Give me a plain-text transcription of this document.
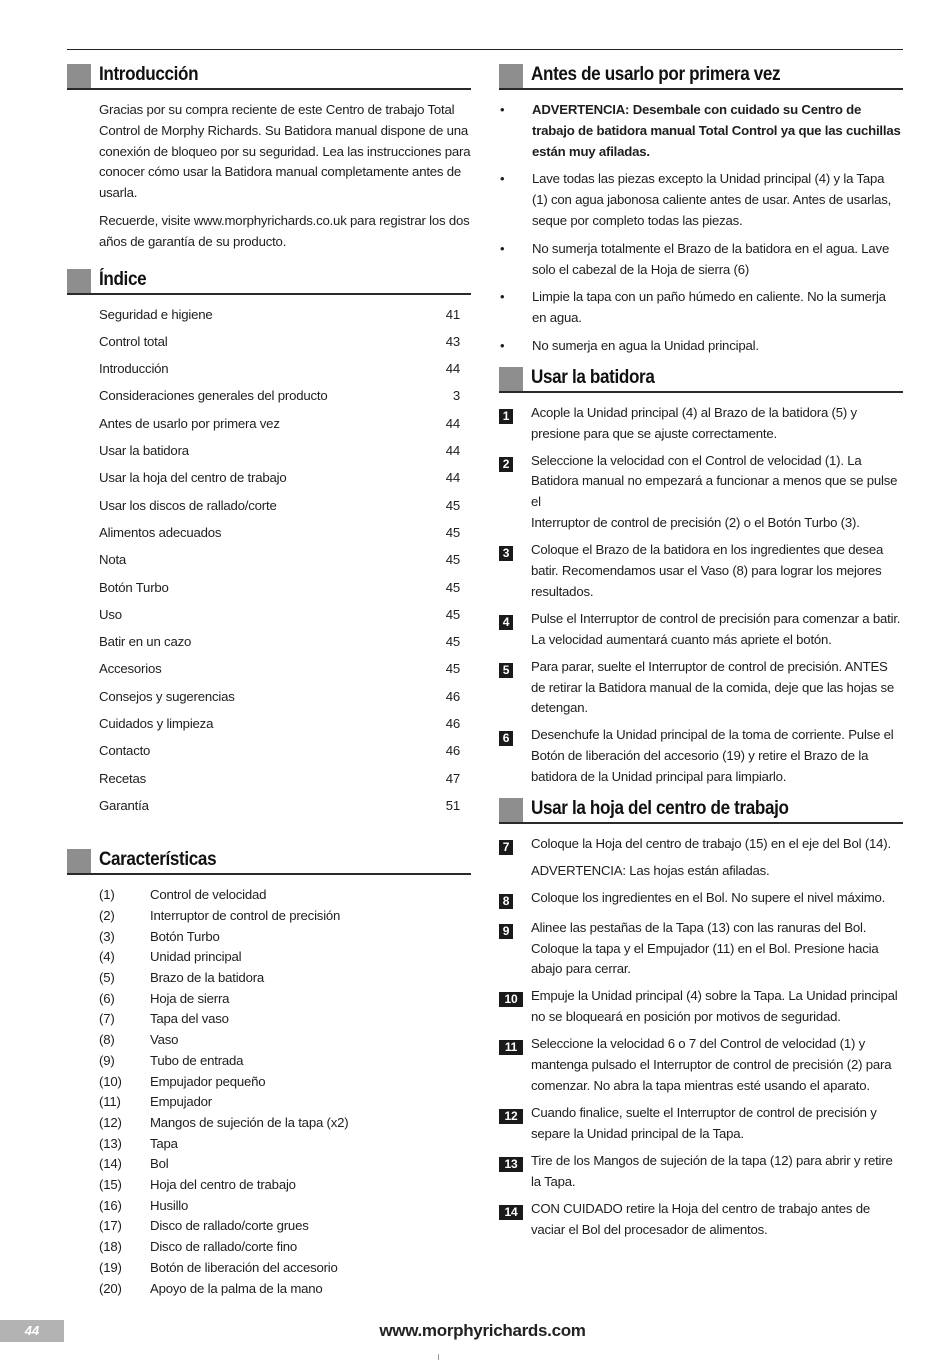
Introducción

Gracias por su compra reciente de este Centro de trabajo Total Control de Morphy Richards. Su Batidora manual dispone de una conexión de bloqueo por su seguridad. Lea las instrucciones para conocer cómo usar la Batidora manual completamente antes de usarla.

Recuerde, visite www.morphyrichards.co.uk para registrar los dos años de garantía de su producto.

Índice
Seguridad e higiene	41
Control total	43
Introducción	44
Consideraciones generales del producto	3
Antes de usarlo por primera vez	44
Usar la batidora	44
Usar la hoja del centro de trabajo	44
Usar los discos de rallado/corte	45
Alimentos adecuados	45
Nota	45
Botón Turbo	45
Uso	45
Batir en un cazo	45
Accesorios	45
Consejos y sugerencias	46
Cuidados y limpieza	46
Contacto	46
Recetas	47
Garantía	51
Características
(1)	Control de velocidad
(2)	Interruptor de control de precisión
(3)	Botón Turbo
(4)	Unidad principal
(5)	Brazo de la batidora
(6)	Hoja de sierra
(7)	Tapa del vaso
(8)	Vaso
(9)	Tubo de entrada
(10)	Empujador pequeño
(11)	Empujador
(12)	Mangos de sujeción de la tapa (x2)
(13)	Tapa
(14)	Bol
(15)	Hoja del centro de trabajo
(16)	Husillo
(17)	Disco de rallado/corte grues
(18)	Disco de rallado/corte fino
(19)	Botón de liberación del accesorio
(20)	Apoyo de la palma de la mano
Antes de usarlo por primera vez
•	ADVERTENCIA: Desembale con cuidado su Centro de trabajo de batidora manual Total Control ya que las cuchillas están muy afiladas.
•	Lave todas las piezas excepto la Unidad principal (4) y la Tapa (1) con agua jabonosa caliente antes de usar. Antes de usarlas, seque por completo todas las piezas.
•	No sumerja totalmente el Brazo de la batidora en el agua. Lave solo el cabezal de la Hoja de sierra (6)
•	Limpie la tapa con un paño húmedo en caliente. No la sumerja en agua.
•	No sumerja en agua la Unidad principal.
Usar la batidora
1	Acople la Unidad principal (4) al Brazo de la batidora (5) y presione para que se ajuste correctamente.
2	Seleccione la velocidad con el Control de velocidad (1). La Batidora manual no empezará a funcionar a menos que se pulse el
Interruptor de control de precisión (2) o el Botón Turbo (3).
3	Coloque el Brazo de la batidora en los ingredientes que desea batir. Recomendamos usar el Vaso (8) para lograr los mejores resultados.
4	Pulse el Interruptor de control de precisión para comenzar a batir. La velocidad aumentará cuanto más apriete el botón.
5	Para parar, suelte el Interruptor de control de precisión. ANTES de retirar la Batidora manual de la comida, deje que las hojas se detengan.
6	Desenchufe la Unidad principal de la toma de corriente. Pulse el Botón de liberación del accesorio (19) y retire el Brazo de la batidora de la Unidad principal para limpiarlo.
Usar la hoja del centro de trabajo
7	Coloque la Hoja del centro de trabajo (15) en el eje del Bol (14).
ADVERTENCIA: Las hojas están afiladas.
8	Coloque los ingredientes en el Bol. No supere el nivel máximo.
9	Alinee las pestañas de la Tapa (13) con las ranuras del Bol. Coloque la tapa y el Empujador (11) en el Bol. Presione hacia abajo para cerrar.
10	Empuje la Unidad principal (4) sobre la Tapa. La Unidad principal no se bloqueará en posición por motivos de seguridad.
11	Seleccione la velocidad 6 o 7 del Control de velocidad (1) y mantenga pulsado el Interruptor de control de precisión (2) para comenzar. No abra la tapa mientras esté usando el aparato.
12	Cuando finalice, suelte el Interruptor de control de precisión y separe la Unidad principal de la Tapa.
13	Tire de los Mangos de sujeción de la tapa (12) para abrir y retire la Tapa.
14	CON CUIDADO retire la Hoja del centro de trabajo antes de vaciar el Bol del procesador de alimentos.
44	www.morphyrichards.com
